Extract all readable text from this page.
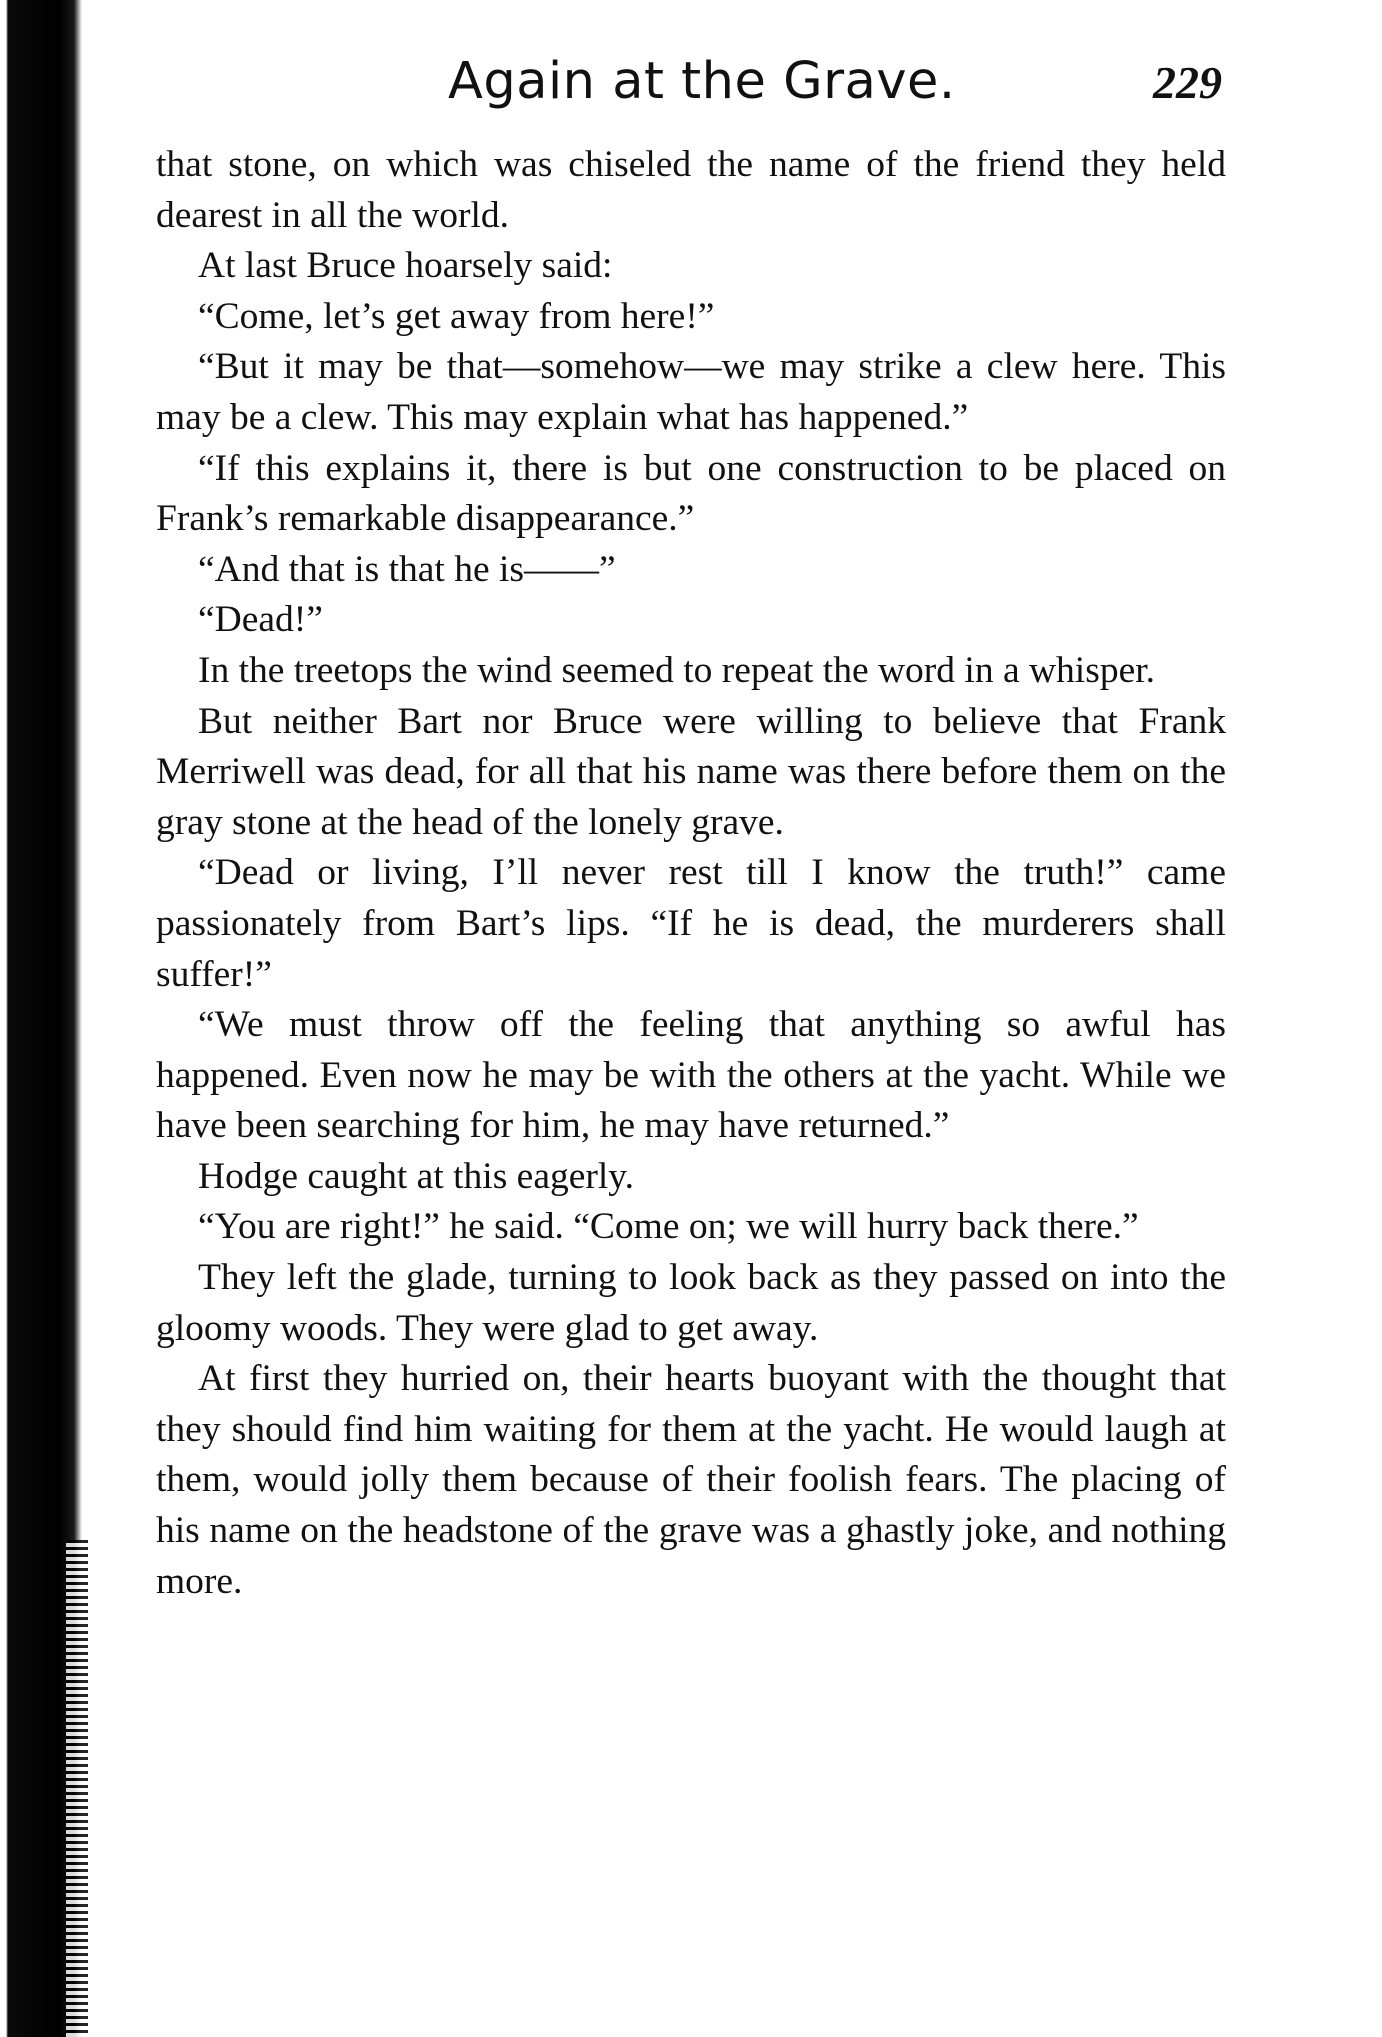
Again at the Grave.	229

that stone, on which was chiseled the name of the friend they held dearest in all the world.

At last Bruce hoarsely said:

“Come, let’s get away from here!”

“But it may be that—somehow—we may strike a clew here. This may be a clew. This may explain what has happened.”

“If this explains it, there is but one construction to be placed on Frank’s remarkable disappearance.”

“And that is that he is——”

“Dead!”

In the treetops the wind seemed to repeat the word in a whisper.

But neither Bart nor Bruce were willing to believe that Frank Merriwell was dead, for all that his name was there before them on the gray stone at the head of the lonely grave.

“Dead or living, I’ll never rest till I know the truth!” came passionately from Bart’s lips. “If he is dead, the murderers shall suffer!”

“We must throw off the feeling that anything so awful has happened. Even now he may be with the others at the yacht. While we have been searching for him, he may have returned.”

Hodge caught at this eagerly.

“You are right!” he said. “Come on; we will hurry back there.”

They left the glade, turning to look back as they passed on into the gloomy woods. They were glad to get away.

At first they hurried on, their hearts buoyant with the thought that they should find him waiting for them at the yacht. He would laugh at them, would jolly them because of their foolish fears. The placing of his name on the headstone of the grave was a ghastly joke, and nothing more.
